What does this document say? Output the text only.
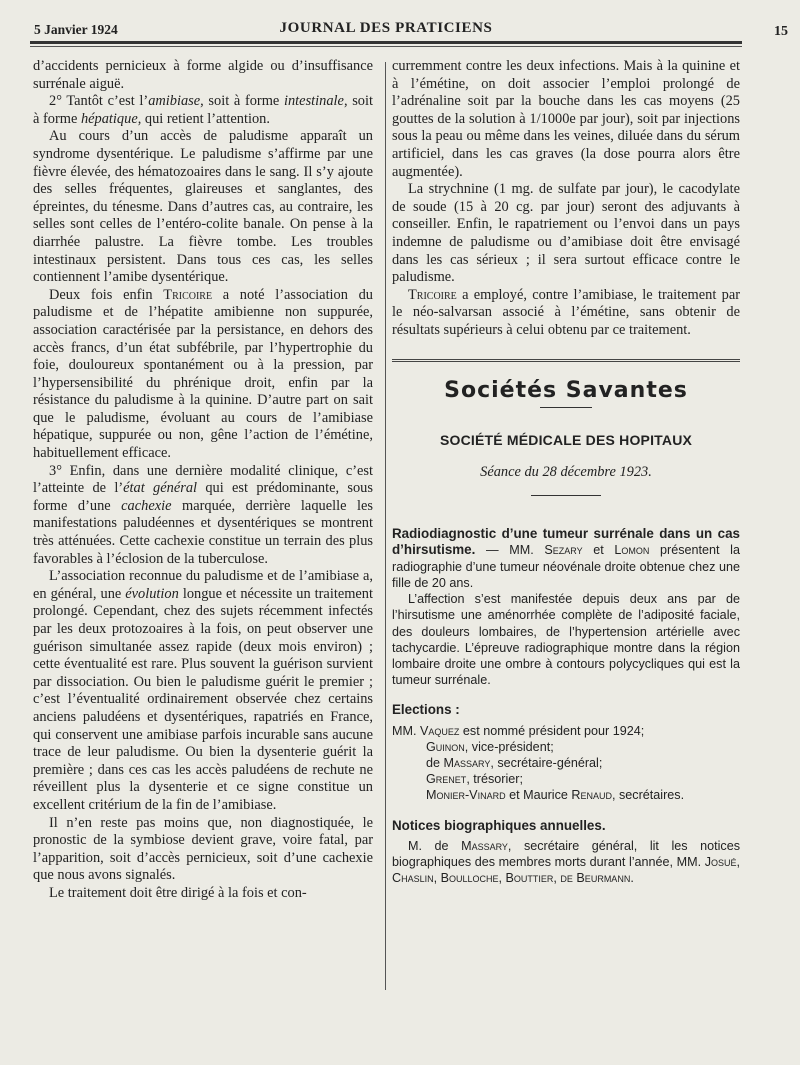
5 Janvier 1924	JOURNAL DES PRATICIENS	15

d’accidents pernicieux à forme algide ou d’insuffisance surrénale aiguë.

2° Tantôt c’est l’amibiase, soit à forme intestinale, soit à forme hépatique, qui retient l’attention.

Au cours d’un accès de paludisme apparaît un syndrome dysentérique. Le paludisme s’affirme par une fièvre élevée, des hématozoaires dans le sang. Il s’y ajoute des selles fréquentes, glaireuses et sanglantes, des épreintes, du ténesme. Dans d’autres cas, au contraire, les selles sont celles de l’entéro-colite banale. On pense à la diarrhée palustre. La fièvre tombe. Les troubles intestinaux persistent. Dans tous ces cas, les selles contiennent l’amibe dysentérique.

Deux fois enfin Tricoire a noté l’association du paludisme et de l’hépatite amibienne non suppurée, association caractérisée par la persistance, en dehors des accès francs, d’un état subfébrile, par l’hypertrophie du foie, douloureux spontanément ou à la pression, par l’hypersensibilité du phrénique droit, enfin par la résistance du paludisme à la quinine. D’autre part on sait que le paludisme, évoluant au cours de l’amibiase hépatique, suppurée ou non, gêne l’action de l’émétine, habituellement efficace.

3° Enfin, dans une dernière modalité clinique, c’est l’atteinte de l’état général qui est prédominante, sous forme d’une cachexie marquée, derrière laquelle les manifestations paludéennes et dysentériques se montrent très atténuées. Cette cachexie constitue un terrain des plus favorables à l’éclosion de la tuberculose.

L’association reconnue du paludisme et de l’amibiase a, en général, une évolution longue et nécessite un traitement prolongé. Cependant, chez des sujets récemment infectés par les deux protozoaires à la fois, on peut observer une guérison simultanée assez rapide (deux mois environ) ; cette éventualité est rare. Plus souvent la guérison survient par dissociation. Ou bien le paludisme guérit le premier ; c’est l’éventualité ordinairement observée chez certains anciens paludéens et dysentériques, rapatriés en France, qui conservent une amibiase parfois incurable sans aucune trace de leur paludisme. Ou bien la dysenterie guérit la première ; dans ces cas les accès paludéens de rechute ne réveillent plus la dysenterie et ce signe constitue un excellent critérium de la fin de l’amibiase.

Il n’en reste pas moins que, non diagnostiquée, le pronostic de la symbiose devient grave, voire fatal, par l’apparition, soit d’accès pernicieux, soit d’une cachexie que nous avons signalés.

Le traitement doit être dirigé à la fois et con-

curremment contre les deux infections. Mais à la quinine et à l’émétine, on doit associer l’emploi prolongé de l’adrénaline soit par la bouche dans les cas moyens (25 gouttes de la solution à 1/1000e par jour), soit par injections sous la peau ou même dans les veines, diluée dans du sérum artificiel, dans les cas graves (la dose pourra alors être augmentée).

La strychnine (1 mg. de sulfate par jour), le cacodylate de soude (15 à 20 cg. par jour) seront des adjuvants à conseiller. Enfin, le rapatriement ou l’envoi dans un pays indemne de paludisme ou d’amibiase doit être envisagé dans les cas sérieux ; il sera surtout efficace contre le paludisme.

Tricoire a employé, contre l’amibiase, le traitement par le néo-salvarsan associé à l’émétine, sans obtenir de résultats supérieurs à celui obtenu par ce traitement.

Sociétés Savantes
SOCIÉTÉ MÉDICALE DES HOPITAUX
Séance du 28 décembre 1923.

Radiodiagnostic d’une tumeur surrénale dans un cas d’hirsutisme. — MM. Sezary et Lomon présentent la radiographie d’une tumeur néovénale droite obtenue chez une fille de 20 ans.

L’affection s’est manifestée depuis deux ans par de l’hirsutisme une aménorrhée complète de l’adiposité faciale, des douleurs lombaires, de l’hypertension artérielle avec tachycardie. L’épreuve radiographique montre dans la région lombaire droite une ombre à contours polycycliques qui est la tumeur surrénale.

Elections :
MM. Vaquez est nommé président pour 1924;
Guinon, vice-président;
de Massary, secrétaire-général;
Grenet, trésorier;
Monier-Vinard et Maurice Renaud, secrétaires.
Notices biographiques annuelles.

M. de Massary, secrétaire général, lit les notices biographiques des membres morts durant l’année, MM. Josué, Chaslin, Boulloche, Bouttier, de Beurmann.
